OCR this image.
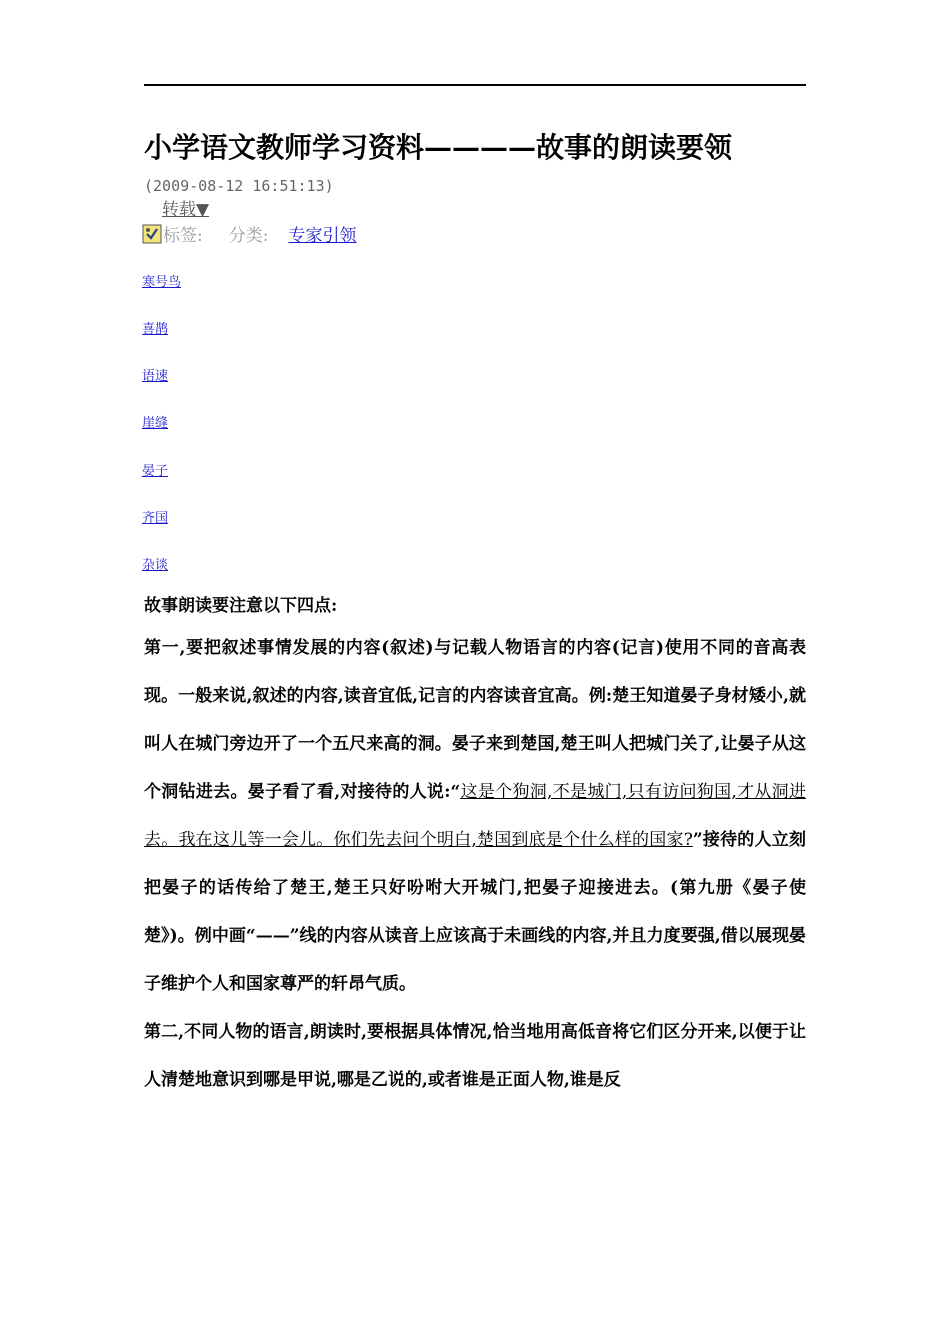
小学语文教师学习资料————故事的朗读要领
(2009-08-12 16:51:13)
转载▼
标签: 分类: 专家引领
寒号鸟
喜鹊
语速
崖缝
晏子
齐国
杂谈

故事朗读要注意以下四点:

第一,要把叙述事情发展的内容(叙述)与记载人物语言的内容(记言)使用不同的音高表现。一般来说,叙述的内容,读音宜低,记言的内容读音宜高。例:楚王知道晏子身材矮小,就叫人在城门旁边开了一个五尺来高的洞。晏子来到楚国,楚王叫人把城门关了,让晏子从这个洞钻进去。晏子看了看,对接待的人说:“这是个狗洞,不是城门,只有访问狗国,才从洞进去。我在这儿等一会儿。你们先去问个明白,楚国到底是个什么样的国家?”接待的人立刻把晏子的话传给了楚王,楚王只好吩咐大开城门,把晏子迎接进去。(第九册《晏子使楚》)。例中画“——”线的内容从读音上应该高于未画线的内容,并且力度要强,借以展现晏子维护个人和国家尊严的轩昂气质。

第二,不同人物的语言,朗读时,要根据具体情况,恰当地用高低音将它们区分开来,以便于让人清楚地意识到哪是甲说,哪是乙说的,或者谁是正面人物,谁是反
